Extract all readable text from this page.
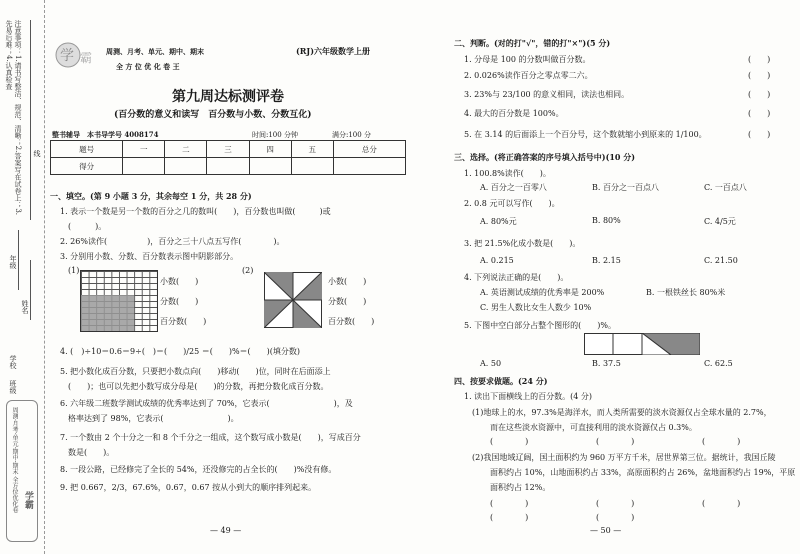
注意事项：1.请书写整洁、规范、清晰；2.答案写在试卷上；3.先易后难；4.认真检查
线
年级
姓名
学校
班级
周测·月考·单元·期中·期末 全方位优化卷 学霸
学 霸 周测、月考、单元、期中、期末
全 方 位 优 化 卷 王
(RJ)六年级数学上册
第九周达标测评卷
(百分数的意义和读写　百分数与小数、分数互化)
整书辅导　本书导学号 4008174	时间:100 分钟	满分:100 分
题号	一	二	三	四	五	总分
得分						
一、填空。(第 9 小题 3 分，其余每空 1 分，共 28 分)
1. 表示一个数是另一个数的百分之几的数叫(　　)，百分数也叫做(　　　)或
(　　　)。
2. 26%读作(　　　　　)，百分之三十八点五写作(　　　　)。
3. 分别用小数、分数、百分数表示图中阴影部分。
(1)
小数(　　)
分数(　　)
百分数(　　)
(2)
小数(　　)
分数(　　)
百分数(　　)
4. (　)÷10＝0.6＝9÷(　)＝(　　)/25 ＝(　　)%＝(　　)(填分数)
5. 把小数化成百分数，只要把小数点向(　　)移动(　　)位，同时在后面添上
(　　)；也可以先把小数写成分母是(　　)的分数，再把分数化成百分数。
6. 六年级二班数学测试成绩的优秀率达到了 70%，它表示(　　　　　　　　)，及
格率达到了 98%，它表示(　　　　　　　　)。
7. 一个数由 2 个十分之一和 8 个千分之一组成，这个数写成小数是(　　)，写成百分
数是(　　)。
8. 一段公路，已经修完了全长的 54%，还没修完的占全长的(　　)%没有修。
9. 把 0.667，2/3，67.6%，0.67，0.67 按从小到大的顺序排列起来。
— 49 —
二、判断。(对的打"√"，错的打"×")(5 分)
1. 分母是 100 的分数叫做百分数。	(　　)
2. 0.026%读作百分之零点零二六。	(　　)
3. 23%与 23/100 的意义相同，读法也相同。	(　　)
4. 最大的百分数是 100%。	(　　)
5. 在 3.14 的后面添上一个百分号，这个数就缩小到原来的 1/100。	(　　)
三、选择。(将正确答案的序号填入括号中)(10 分)
1. 100.8%读作(　　)。
A. 百分之一百零八	B. 百分之一百点八	C. 一百点八
2. 0.8 元可以写作(　　)。
A. 80%元	B. 80%	C. 4/5元
3. 把 21.5%化成小数是(　　)。
A. 0.215	B. 2.15	C. 21.50
4. 下列说法正确的是(　　)。
A. 英语测试成绩的优秀率是 200%	B. 一根铁丝长 80%米
C. 男生人数比女生人数少 10%
5. 下图中空白部分占整个图形的(　　)%。
A. 50	B. 37.5	C. 62.5
四、按要求做题。(24 分)
1. 读出下面横线上的百分数。(4 分)
(1)地球上的水，97.3%是海洋水，而人类所需要的淡水资源仅占全球水量的 2.7%，
而在这些淡水资源中，可直接利用的淡水资源仅占 0.3%。
(　　　　)	(　　　　)	(　　　　)
(2)我国地域辽阔，国土面积约为 960 万平方千米，居世界第三位。据统计，我国丘陵
面积约占 10%，山地面积约占 33%，高原面积约占 26%，盆地面积约占 19%，平原
面积约占 12%。
(　　　　)	(　　　　)	(　　　　)
(　　　　)	(　　　　)
— 50 —
